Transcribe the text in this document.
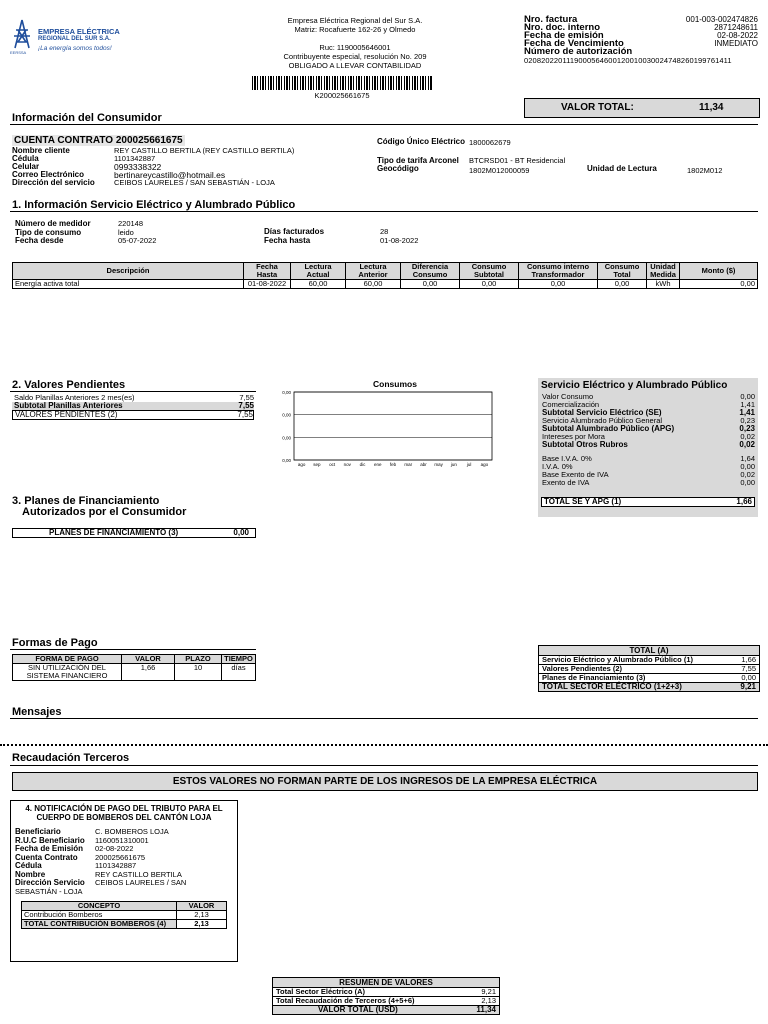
EERSSA
EMPRESA ELÉCTRICA
REGIONAL DEL SUR S.A.
¡La energía somos todos!
Empresa Eléctrica Regional del Sur S.A.
Matriz: Rocafuerte 162-26 y Olmedo
Ruc: 1190005646001
Contribuyente especial, resolución No. 209
OBLIGADO A LLEVAR CONTABILIDAD
K200025661675
Nro. factura	001-003-002474826
Nro. doc. interno	2871248611
Fecha de emisión	02-08-2022
Fecha de Vencimiento	INMEDIATO
Número de autorización
0208202201119000564600120010030024748260199761411
Información del Consumidor
VALOR TOTAL:	11,34
CUENTA CONTRATO 200025661675
Nombre cliente	REY CASTILLO BERTILA (REY CASTILLO BERTILA)
Cédula	1101342887
Celular	0993338322
Correo Electrónico	bertinareycastillo@hotmail.es
Dirección del servicio	CEIBOS LAURELES / SAN SEBASTIÁN - LOJA
Código Único Eléctrico 1800062679
Tipo de tarifa Arconel BTCRSD01 - BT Residencial
Geocódigo	1802M012000059	Unidad de Lectura	1802M012
1. Información Servicio Eléctrico y Alumbrado Público
Número de medidor	220148
Tipo de consumo	leido
Fecha desde	05-07-2022
Días facturados	28
Fecha hasta	01-08-2022
Descripción	Fecha Hasta	Lectura Actual	Lectura Anterior	Diferencia Consumo	Consumo Subtotal	Consumo interno Transformador	Consumo Total	Unidad Medida	Monto ($)
Energía activa total	01-08-2022	60,00	60,00	0,00	0,00	0,00	0,00	kWh	0,00
2. Valores Pendientes
Saldo Planillas Anteriores 2 mes(es)	7,55
Subtotal Planillas Anteriores	7,55
VALORES PENDIENTES (2)	7,55
Consumos
0,00
0,00
0,00
0,00
ago sep oct nov dic ene feb mar abr may jun jul ago
Servicio Eléctrico y Alumbrado Público
Valor Consumo	0,00
Comercialización	1,41
Subtotal Servicio Eléctrico (SE)	1,41
Servicio Alumbrado Público General	0,23
Subtotal Alumbrado Público (APG)	0,23
Intereses por Mora	0,02
Subtotal Otros Rubros	0,02
Base I.V.A. 0%	1,64
I.V.A. 0%	0,00
Base Exento de IVA	0,02
Exento de IVA	0,00
TOTAL SE Y APG (1)	1,66
3. Planes de Financiamiento
Autorizados por el Consumidor
PLANES DE FINANCIAMIENTO (3)	0,00
Formas de Pago
FORMA DE PAGO	VALOR	PLAZO	TIEMPO
SIN UTILIZACIÓN DEL SISTEMA FINANCIERO	1,66	10	días
TOTAL (A)
Servicio Eléctrico y Alumbrado Público (1)	1,66
Valores Pendientes (2)	7,55
Planes de Financiamiento (3)	0,00
TOTAL SECTOR ELÉCTRICO (1+2+3)	9,21
Mensajes
Recaudación Terceros
ESTOS VALORES NO FORMAN PARTE DE LOS INGRESOS DE LA EMPRESA ELÉCTRICA
4. NOTIFICACIÓN DE PAGO DEL TRIBUTO PARA EL CUERPO DE BOMBEROS DEL CANTÓN LOJA
Beneficiario	C. BOMBEROS LOJA
R.U.C Beneficiario	1160051310001
Fecha de Emisión	02-08-2022
Cuenta Contrato	200025661675
Cédula	1101342887
Nombre	REY CASTILLO BERTILA
Dirección Servicio	CEIBOS LAURELES / SAN
SEBASTIÁN - LOJA
CONCEPTO	VALOR
Contribución Bomberos	2,13
TOTAL CONTRIBUCIÓN BOMBEROS (4)	2,13
RESUMEN DE VALORES
Total Sector Eléctrico (A)	9,21
Total Recaudación de Terceros (4+5+6)	2,13
VALOR TOTAL (USD)	11,34
